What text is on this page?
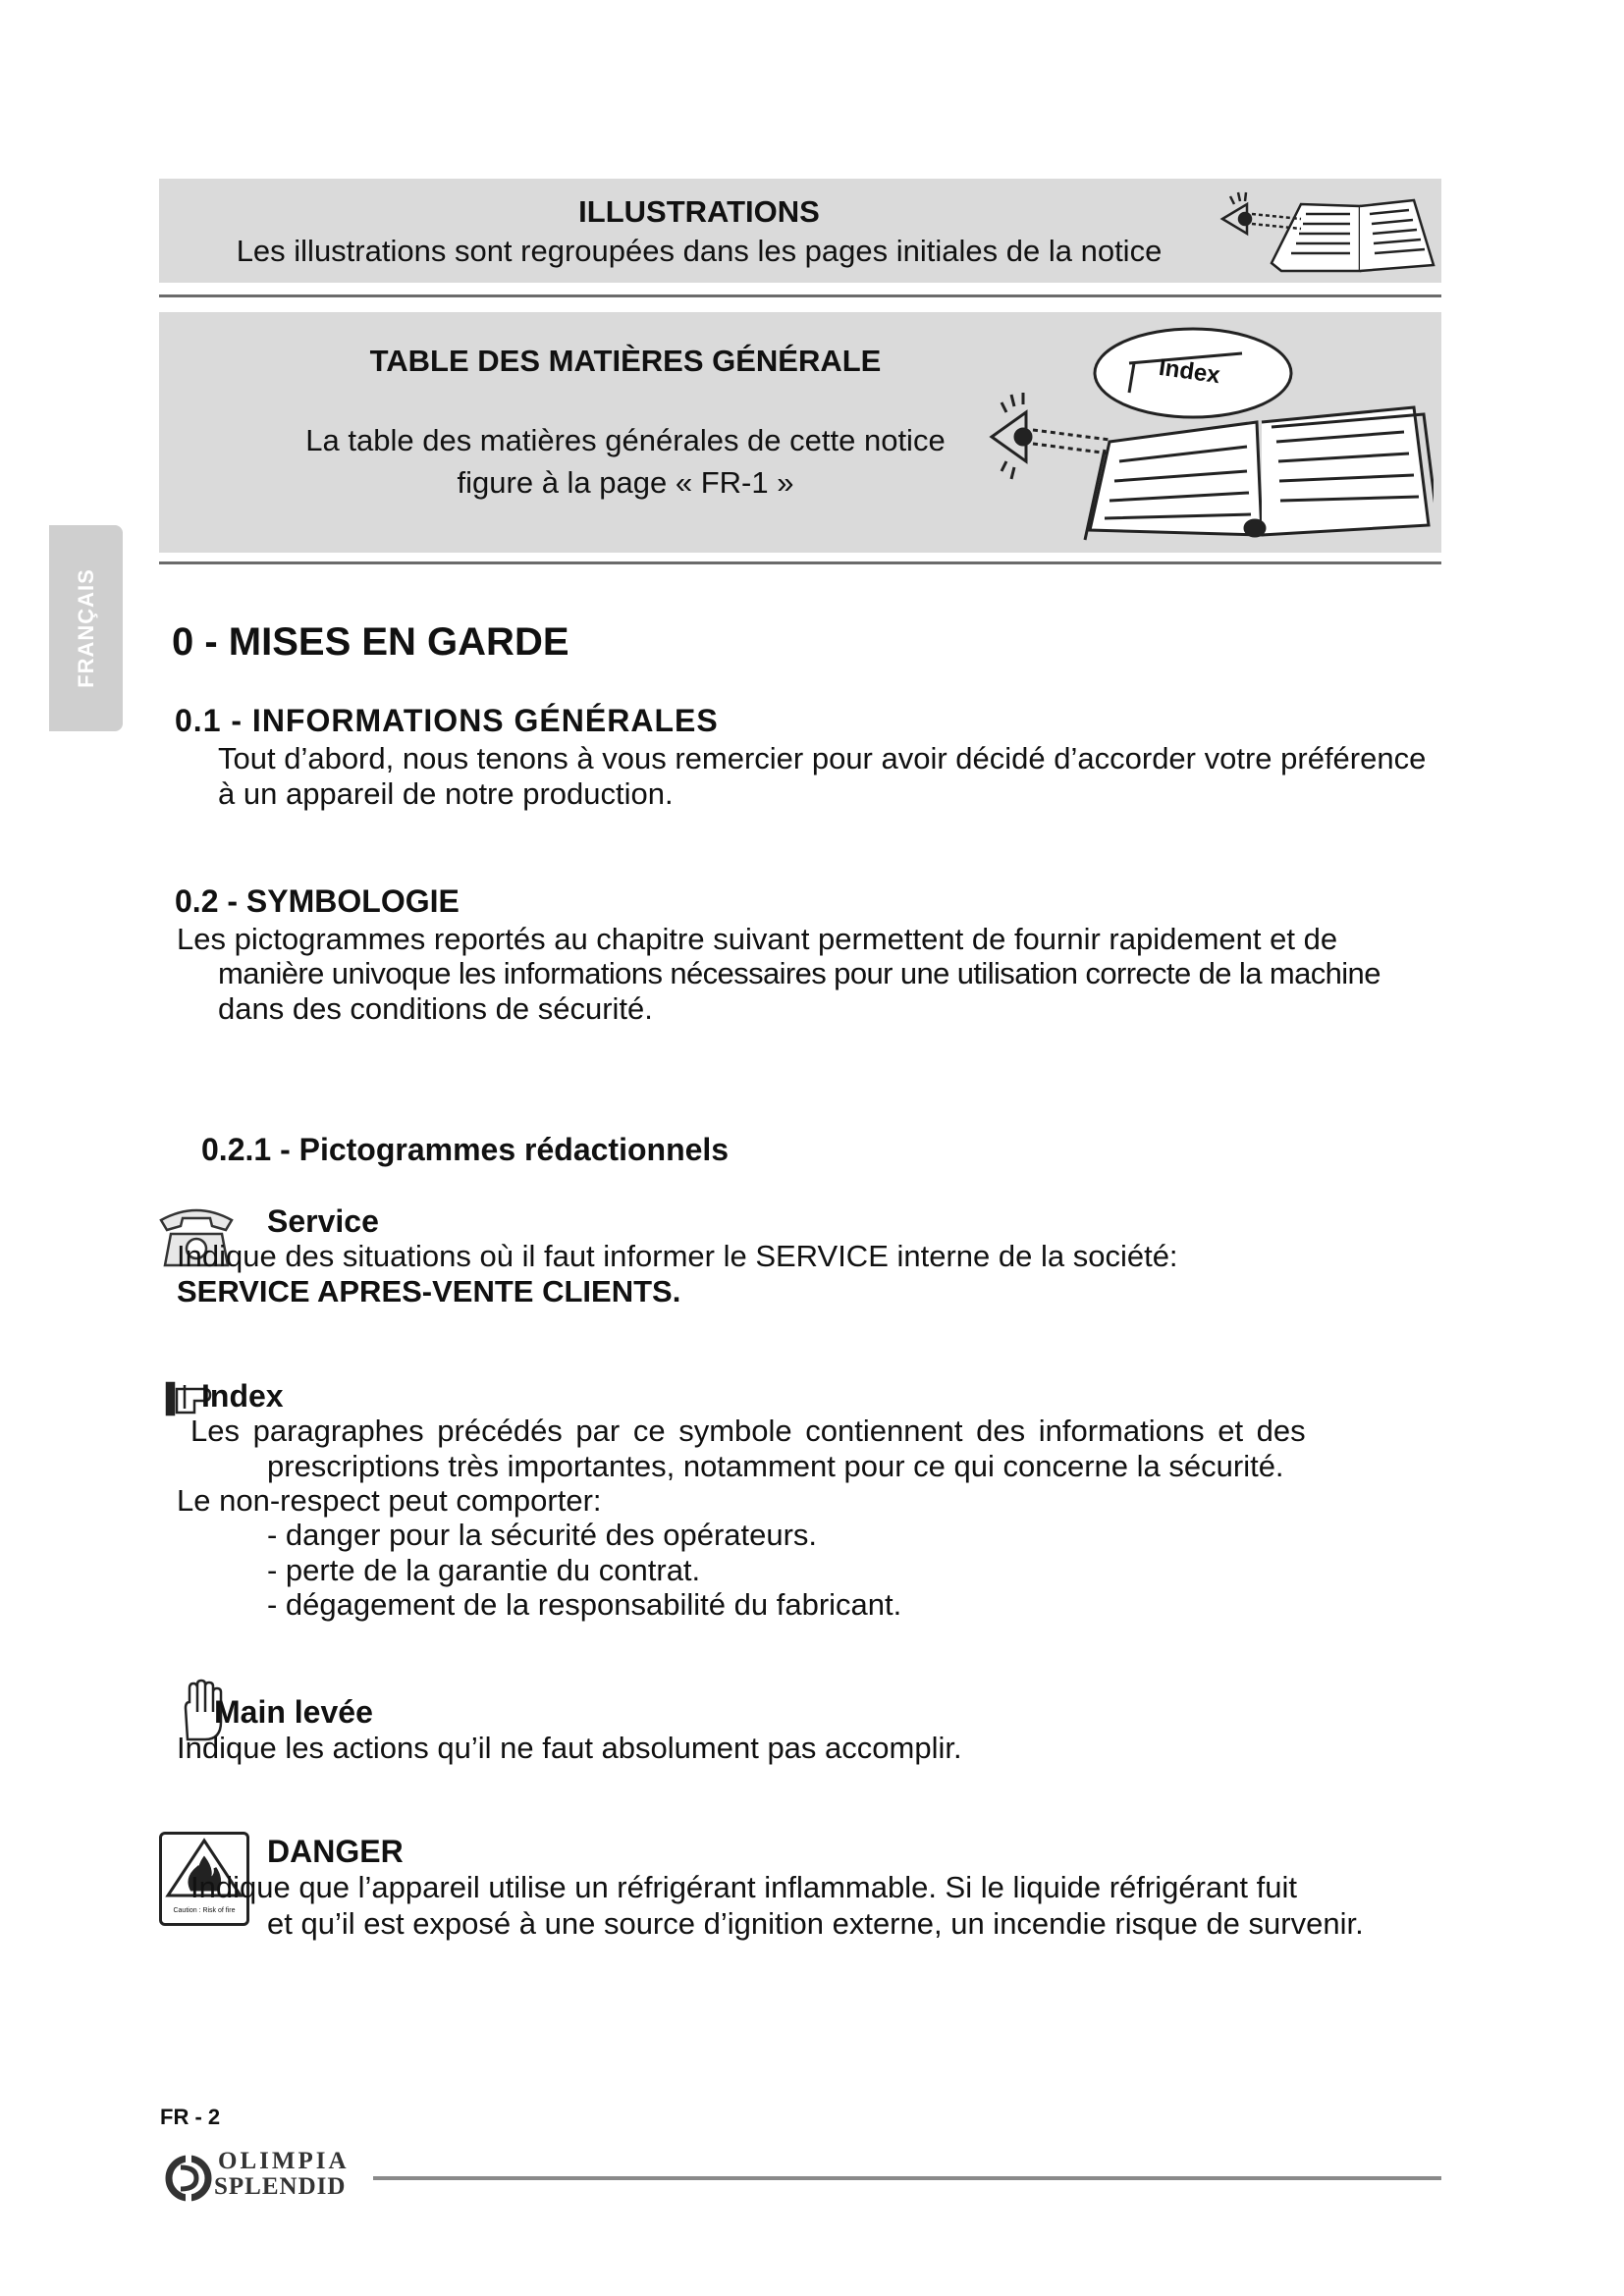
ILLUSTRATIONS
Les illustrations sont regroupées dans les pages initiales de la notice
TABLE DES MATIÈRES GÉNÉRALE
La table des matières générales de cette notice
figure à la page « FR-1 »
Index
FRANÇAIS 0 - MISES EN GARDE
0.1 - INFORMATIONS GÉNÉRALES
Tout d’abord, nous tenons à vous remercier pour avoir décidé d’accorder votre préférence
à un appareil de notre production.
0.2 - SYMBOLOGIE
Les pictogrammes reportés au chapitre suivant permettent de fournir rapidement et de
manière univoque les informations nécessaires pour une utilisation correcte de la machine
dans des conditions de sécurité.
0.2.1 - Pictogrammes rédactionnels
Service
Indique des situations où il faut informer le SERVICE interne de la société:
SERVICE APRES-VENTE CLIENTS.
Index
Les paragraphes précédés par ce symbole contiennent des informations et des
prescriptions très importantes, notamment pour ce qui concerne la sécurité.
Le non-respect peut comporter:
- danger pour la sécurité des opérateurs.
- perte de la garantie du contrat.
- dégagement de la responsabilité du fabricant.
Main levée
Indique les actions qu’il ne faut absolument pas accomplir.
Caution : Risk of fire
DANGER
Indique que l’appareil utilise un réfrigérant inflammable. Si le liquide réfrigérant fuit
et qu’il est exposé à une source d’ignition externe, un incendie risque de survenir.
FR - 2
OLIMPIA
SPLENDID
